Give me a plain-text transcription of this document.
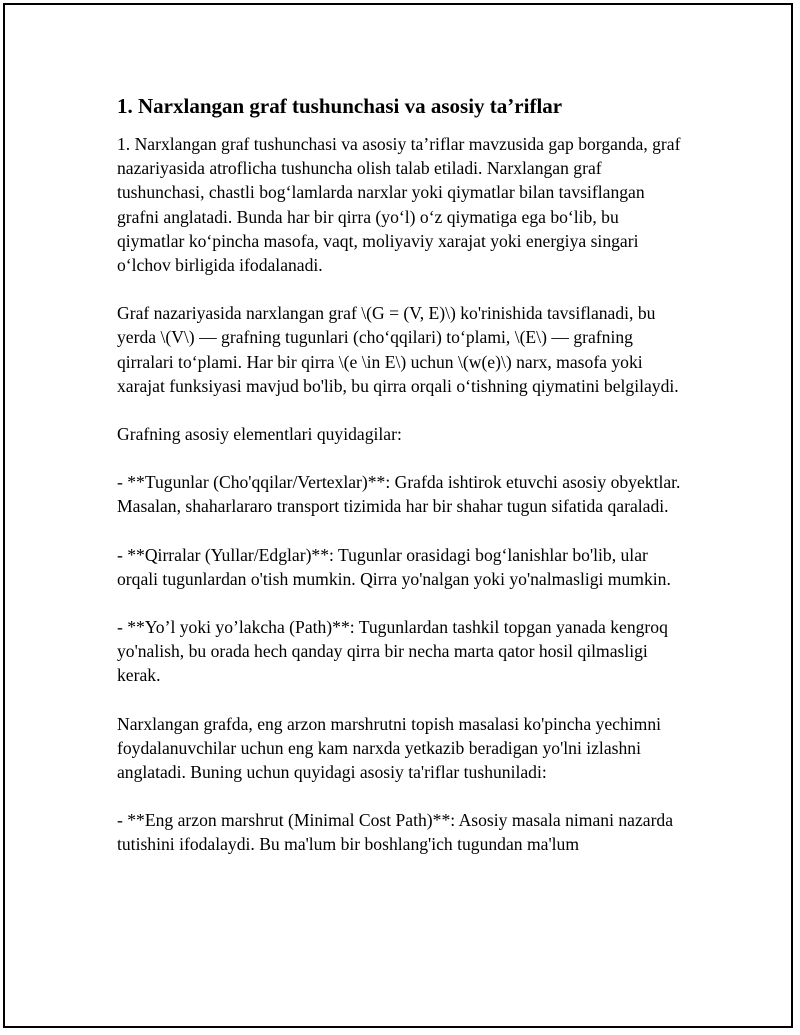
1. Narxlangan graf tushunchasi va asosiy ta’riflar

1. Narxlangan graf tushunchasi va asosiy ta’riflar mavzusida gap borganda, graf nazariyasida atroflicha tushuncha olish talab etiladi. Narxlangan graf tushunchasi, chastli bog‘lamlarda narxlar yoki qiymatlar bilan tavsiflangan grafni anglatadi. Bunda har bir qirra (yo‘l) o‘z qiymatiga ega bo‘lib, bu qiymatlar ko‘pincha masofa, vaqt, moliyaviy xarajat yoki energiya singari o‘lchov birligida ifodalanadi.

Graf nazariyasida narxlangan graf \(G = (V, E)\) ko'rinishida tavsiflanadi, bu yerda \(V\) — grafning tugunlari (cho‘qqilari) to‘plami, \(E\) — grafning qirralari to‘plami. Har bir qirra \(e \in E\) uchun \(w(e)\) narx, masofa yoki xarajat funksiyasi mavjud bo'lib, bu qirra orqali o‘tishning qiymatini belgilaydi.

Grafning asosiy elementlari quyidagilar:

- **Tugunlar (Cho'qqilar/Vertexlar)**: Grafda ishtirok etuvchi asosiy obyektlar. Masalan, shaharlararo transport tizimida har bir shahar tugun sifatida qaraladi.

- **Qirralar (Yullar/Edglar)**: Tugunlar orasidagi bog‘lanishlar bo'lib, ular orqali tugunlardan o'tish mumkin. Qirra yo'nalgan yoki yo'nalmasligi mumkin.

- **Yo’l yoki yo’lakcha (Path)**: Tugunlardan tashkil topgan yanada kengroq yo'nalish, bu orada hech qanday qirra bir necha marta qator hosil qilmasligi kerak.

Narxlangan grafda, eng arzon marshrutni topish masalasi ko'pincha yechimni foydalanuvchilar uchun eng kam narxda yetkazib beradigan yo'lni izlashni anglatadi. Buning uchun quyidagi asosiy ta'riflar tushuniladi:

- **Eng arzon marshrut (Minimal Cost Path)**: Asosiy masala nimani nazarda tutishini ifodalaydi. Bu ma'lum bir boshlang'ich tugundan ma'lum
